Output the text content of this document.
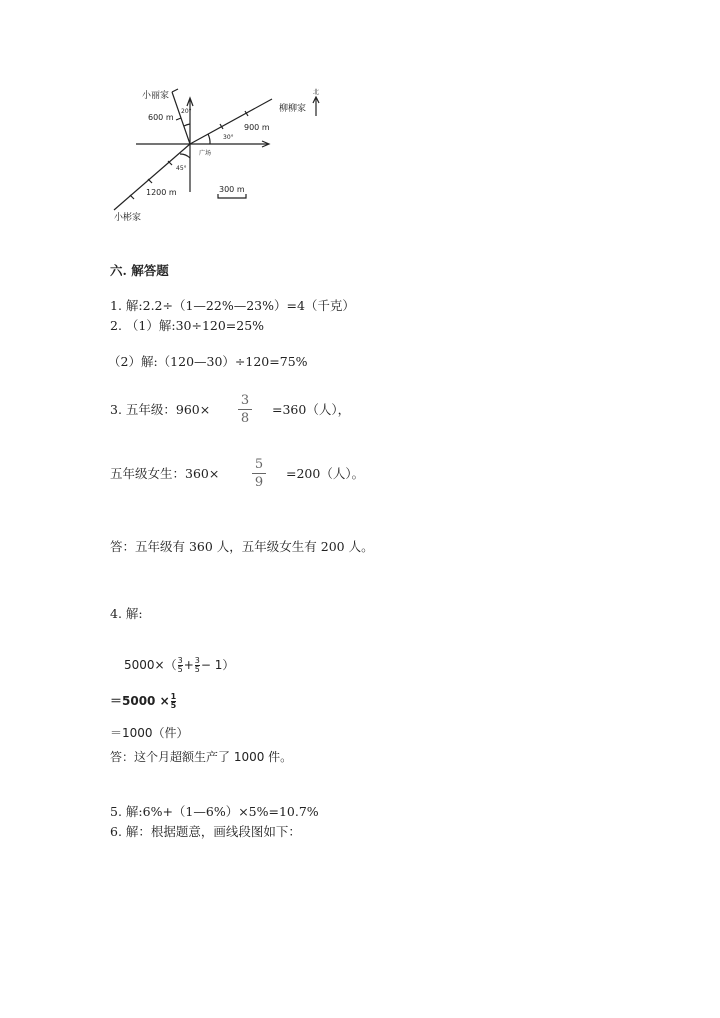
小丽家
600 m
20°	柳柳家
900 m
30°
广场
45°
1200 m	300 m
小彬家
北
六. 解答题
1. 解:2.2÷（1—22%—23%）=4（千克）
2. （1）解:30÷120=25%
（2）解:（120—30）÷120=75%
3. 五年级：960×
3
8
=360（人），
五年级女生：360×
5
9
=200（人）。
答：五年级有 360 人，五年级女生有 200 人。
4. 解:
$5000\times(\frac{3}{5}+\frac{3}{5}- 1)$
$=5000 \times\frac{1}{5}$
＝1000（件）
答：这个月超额生产了 1000 件。
5. 解:6%+（1—6%）×5%=10.7%
6. 解：根据题意，画线段图如下：
